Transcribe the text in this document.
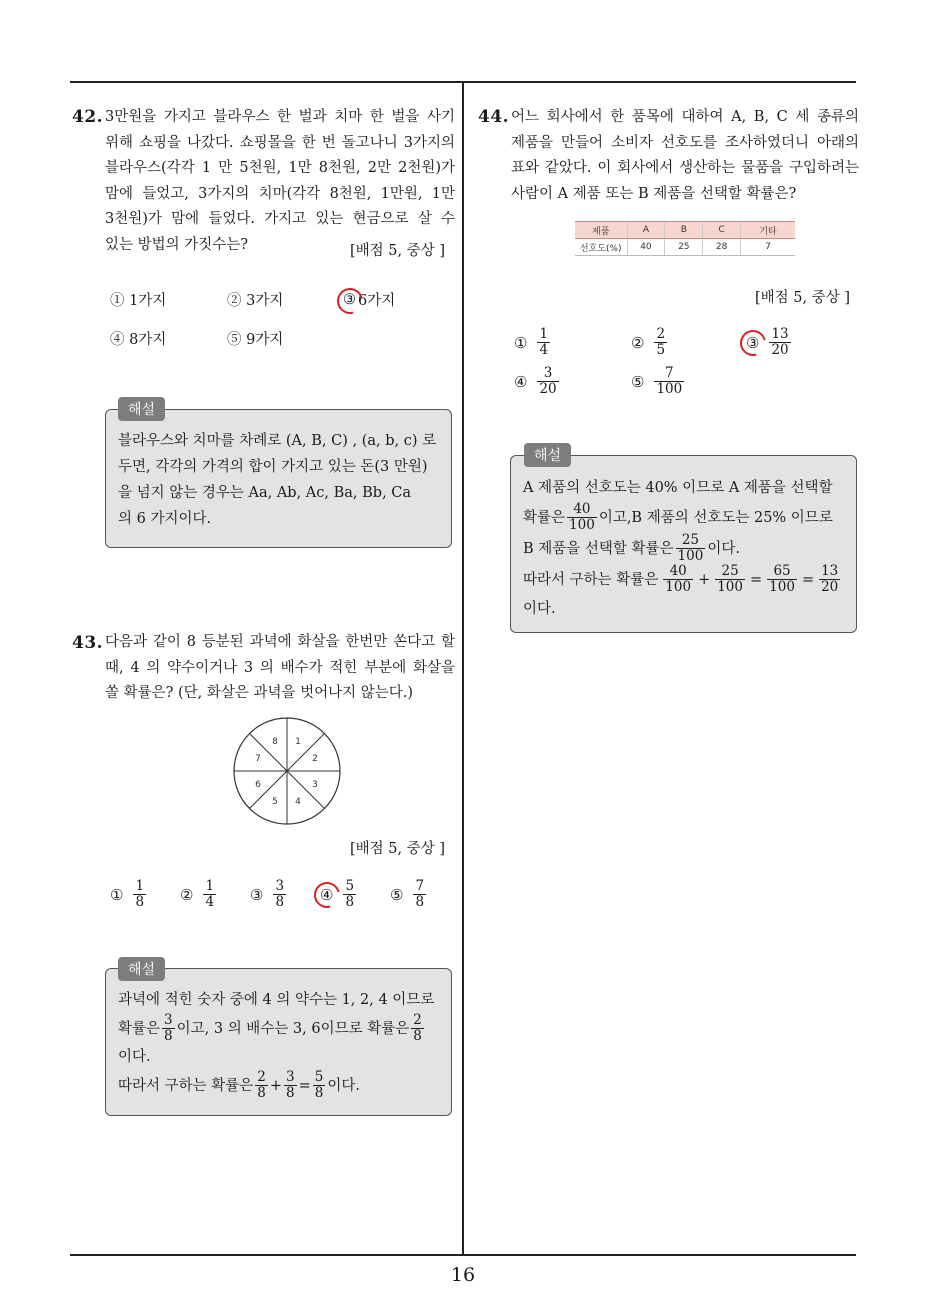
16
42. 3만원을 가지고 블라우스 한 벌과 치마 한 벌을 사기
위해 쇼핑을 나갔다. 쇼핑몰을 한 번 돌고나니 3가지의
블라우스(각각 1 만 5천원, 1만 8천원, 2만 2천원)가
맘에 들었고, 3가지의 치마(각각 8천원, 1만원, 1만
3천원)가 맘에 들었다. 가지고 있는 현금으로 살 수
있는 방법의 가짓수는?	[배점 5, 중상 ]
① 1가지	② 3가지	③ 6가지
④ 8가지	⑤ 9가지
해설
블라우스와 치마를 차례로 (A, B, C) , (a, b, c) 로
두면, 각각의 가격의 합이 가지고 있는 돈(3 만원)
을 넘지 않는 경우는 Aa, Ab, Ac, Ba, Bb, Ca
의 6 가지이다.
43. 다음과 같이 8 등분된 과녁에 화살을 한번만 쏜다고 할
때, 4 의 약수이거나 3 의 배수가 적힌 부분에 화살을
쏠 확률은? (단, 화살은 과녁을 벗어나지 않는다.)
1
2
3
4
5
6
7
8
[배점 5, 중상 ]
① $\frac{1}{8}$ ② $\frac{1}{4}$ ③ $\frac{3}{8}$ ④ $\frac{5}{8}$ ⑤ $\frac{7}{8}$
해설
과녁에 적힌 숫자 중에 4 의 약수는 1, 2, 4 이므로
확률은 $\frac{3}{8}$ 이고, 3 의 배수는 3, 6이므로 확률은 $\frac{2}{8}$
이다.
따라서 구하는 확률은 $\frac{2}{8} + \frac{3}{8} = \frac{5}{8}$ 이다.
44. 어느 회사에서 한 품목에 대하여 A, B, C 세 종류의
제품을 만들어 소비자 선호도를 조사하였더니 아래의
표와 같았다. 이 회사에서 생산하는 물품을 구입하려는
사람이 A 제품 또는 B 제품을 선택할 확률은?
제품	A	B	C	기타
선호도(%)	40	25	28	7
[배점 5, 중상 ]
① $\frac{1}{4}$	② $\frac{2}{5}$	③ $\frac{13}{20}$
④ $\frac{3}{20}$	⑤ $\frac{7}{100}$
해설
A 제품의 선호도는 40% 이므로 A 제품을 선택할
확률은 $\frac{40}{100}$ 이고,B 제품의 선호도는 25% 이므로
B 제품을 선택할 확률은 $\frac{25}{100}$ 이다.
따라서 구하는 확률은 $\frac{40}{100} + \frac{25}{100} = \frac{65}{100} = \frac{13}{20}$
이다.
